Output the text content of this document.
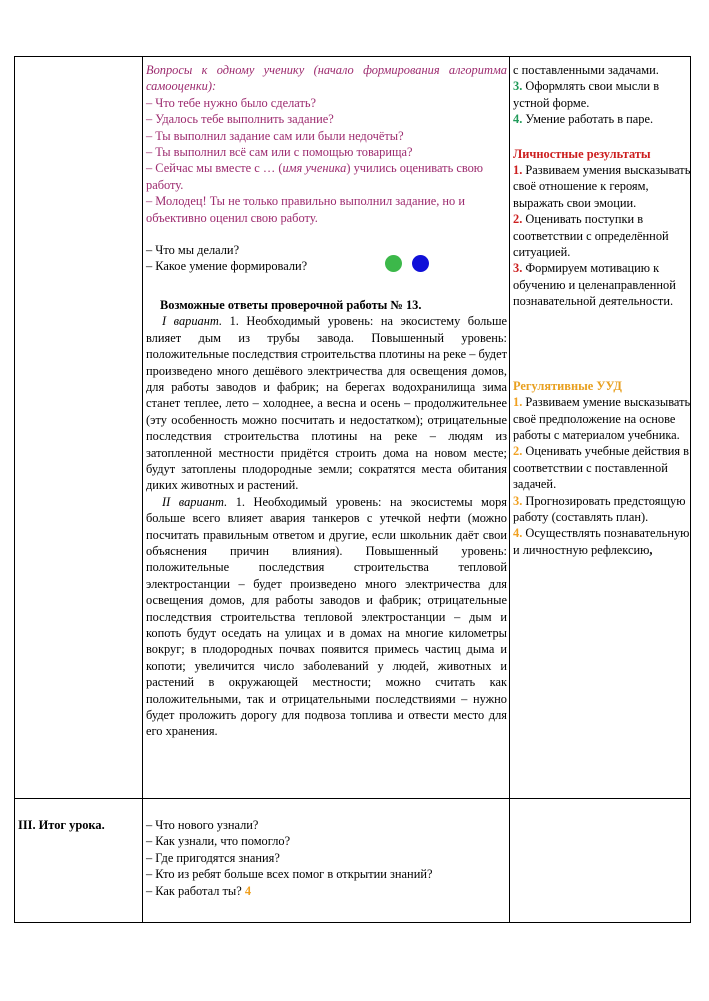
Вопросы к одному ученику (начало формирования алгоритма самооценки):

– Что тебе нужно было сделать?

– Удалось тебе выполнить задание?

– Ты выполнил задание сам или были недочёты?

– Ты выполнил всё сам или с помощью товарища?

– Сейчас мы вместе с … (имя ученика) учились оценивать свою работу.

– Молодец! Ты не только правильно выполнил задание, но и объективно оценил свою работу.

– Что мы делали?

– Какое умение формировали?

Возможные ответы проверочной работы № 13.

I вариант. 1. Необходимый уровень: на экосистему больше влияет дым из трубы завода. Повышенный уровень: положительные последствия строительства плотины на реке – будет произведено много дешёвого электричества для освещения домов, для работы заводов и фабрик; на берегах водохранилища зима станет теплее, лето – холоднее, а весна и осень – продолжительнее (эту особенность можно посчитать и недостатком); отрицательные последствия строительства плотины на реке – людям из затопленной местности придётся строить дома на новом месте; будут затоплены плодородные земли; сократятся места обитания диких животных и растений.

II вариант. 1. Необходимый уровень: на экосистемы моря больше всего влияет авария танкеров с утечкой нефти (можно посчитать правильным ответом и другие, если школьник даёт свои объяснения причин влияния). Повышенный уровень: положительные последствия строительства тепловой электростанции – будет произведено много электричества для освещения домов, для работы заводов и фабрик; отрицательные последствия строительства тепловой электростанции – дым и копоть будут оседать на улицах и в домах на многие километры вокруг; в плодородных почвах появится примесь частиц дыма и копоти; увеличится число заболеваний у людей, животных и растений в окружающей местности; можно считать как положительными, так и отрицательными последствиями – нужно будет проложить дорогу для подвоза топлива и отвести место для его хранения.

с поставленными задачами.

3. Оформлять свои мысли в устной форме.

4. Умение работать в паре.

Личностные результаты

1. Развиваем умения высказывать своё отношение к героям, выражать свои эмоции.

2. Оценивать поступки в соответствии с определённой ситуацией.

3. Формируем мотивацию к обучению и целенаправленной познавательной деятельности.

Регулятивные УУД

1. Развиваем умение высказывать своё предположение на основе работы с материалом учебника.

2. Оценивать учебные действия в соответствии с поставленной задачей.

3. Прогнозировать предстоящую работу (составлять план).

4. Осуществлять познавательную и личностную рефлексию,

III. Итог урока.	– Что нового узнали?

– Как узнали, что помогло?

– Где пригодятся знания?

– Кто из ребят больше всех помог в открытии знаний?

– Как работал ты? 4
